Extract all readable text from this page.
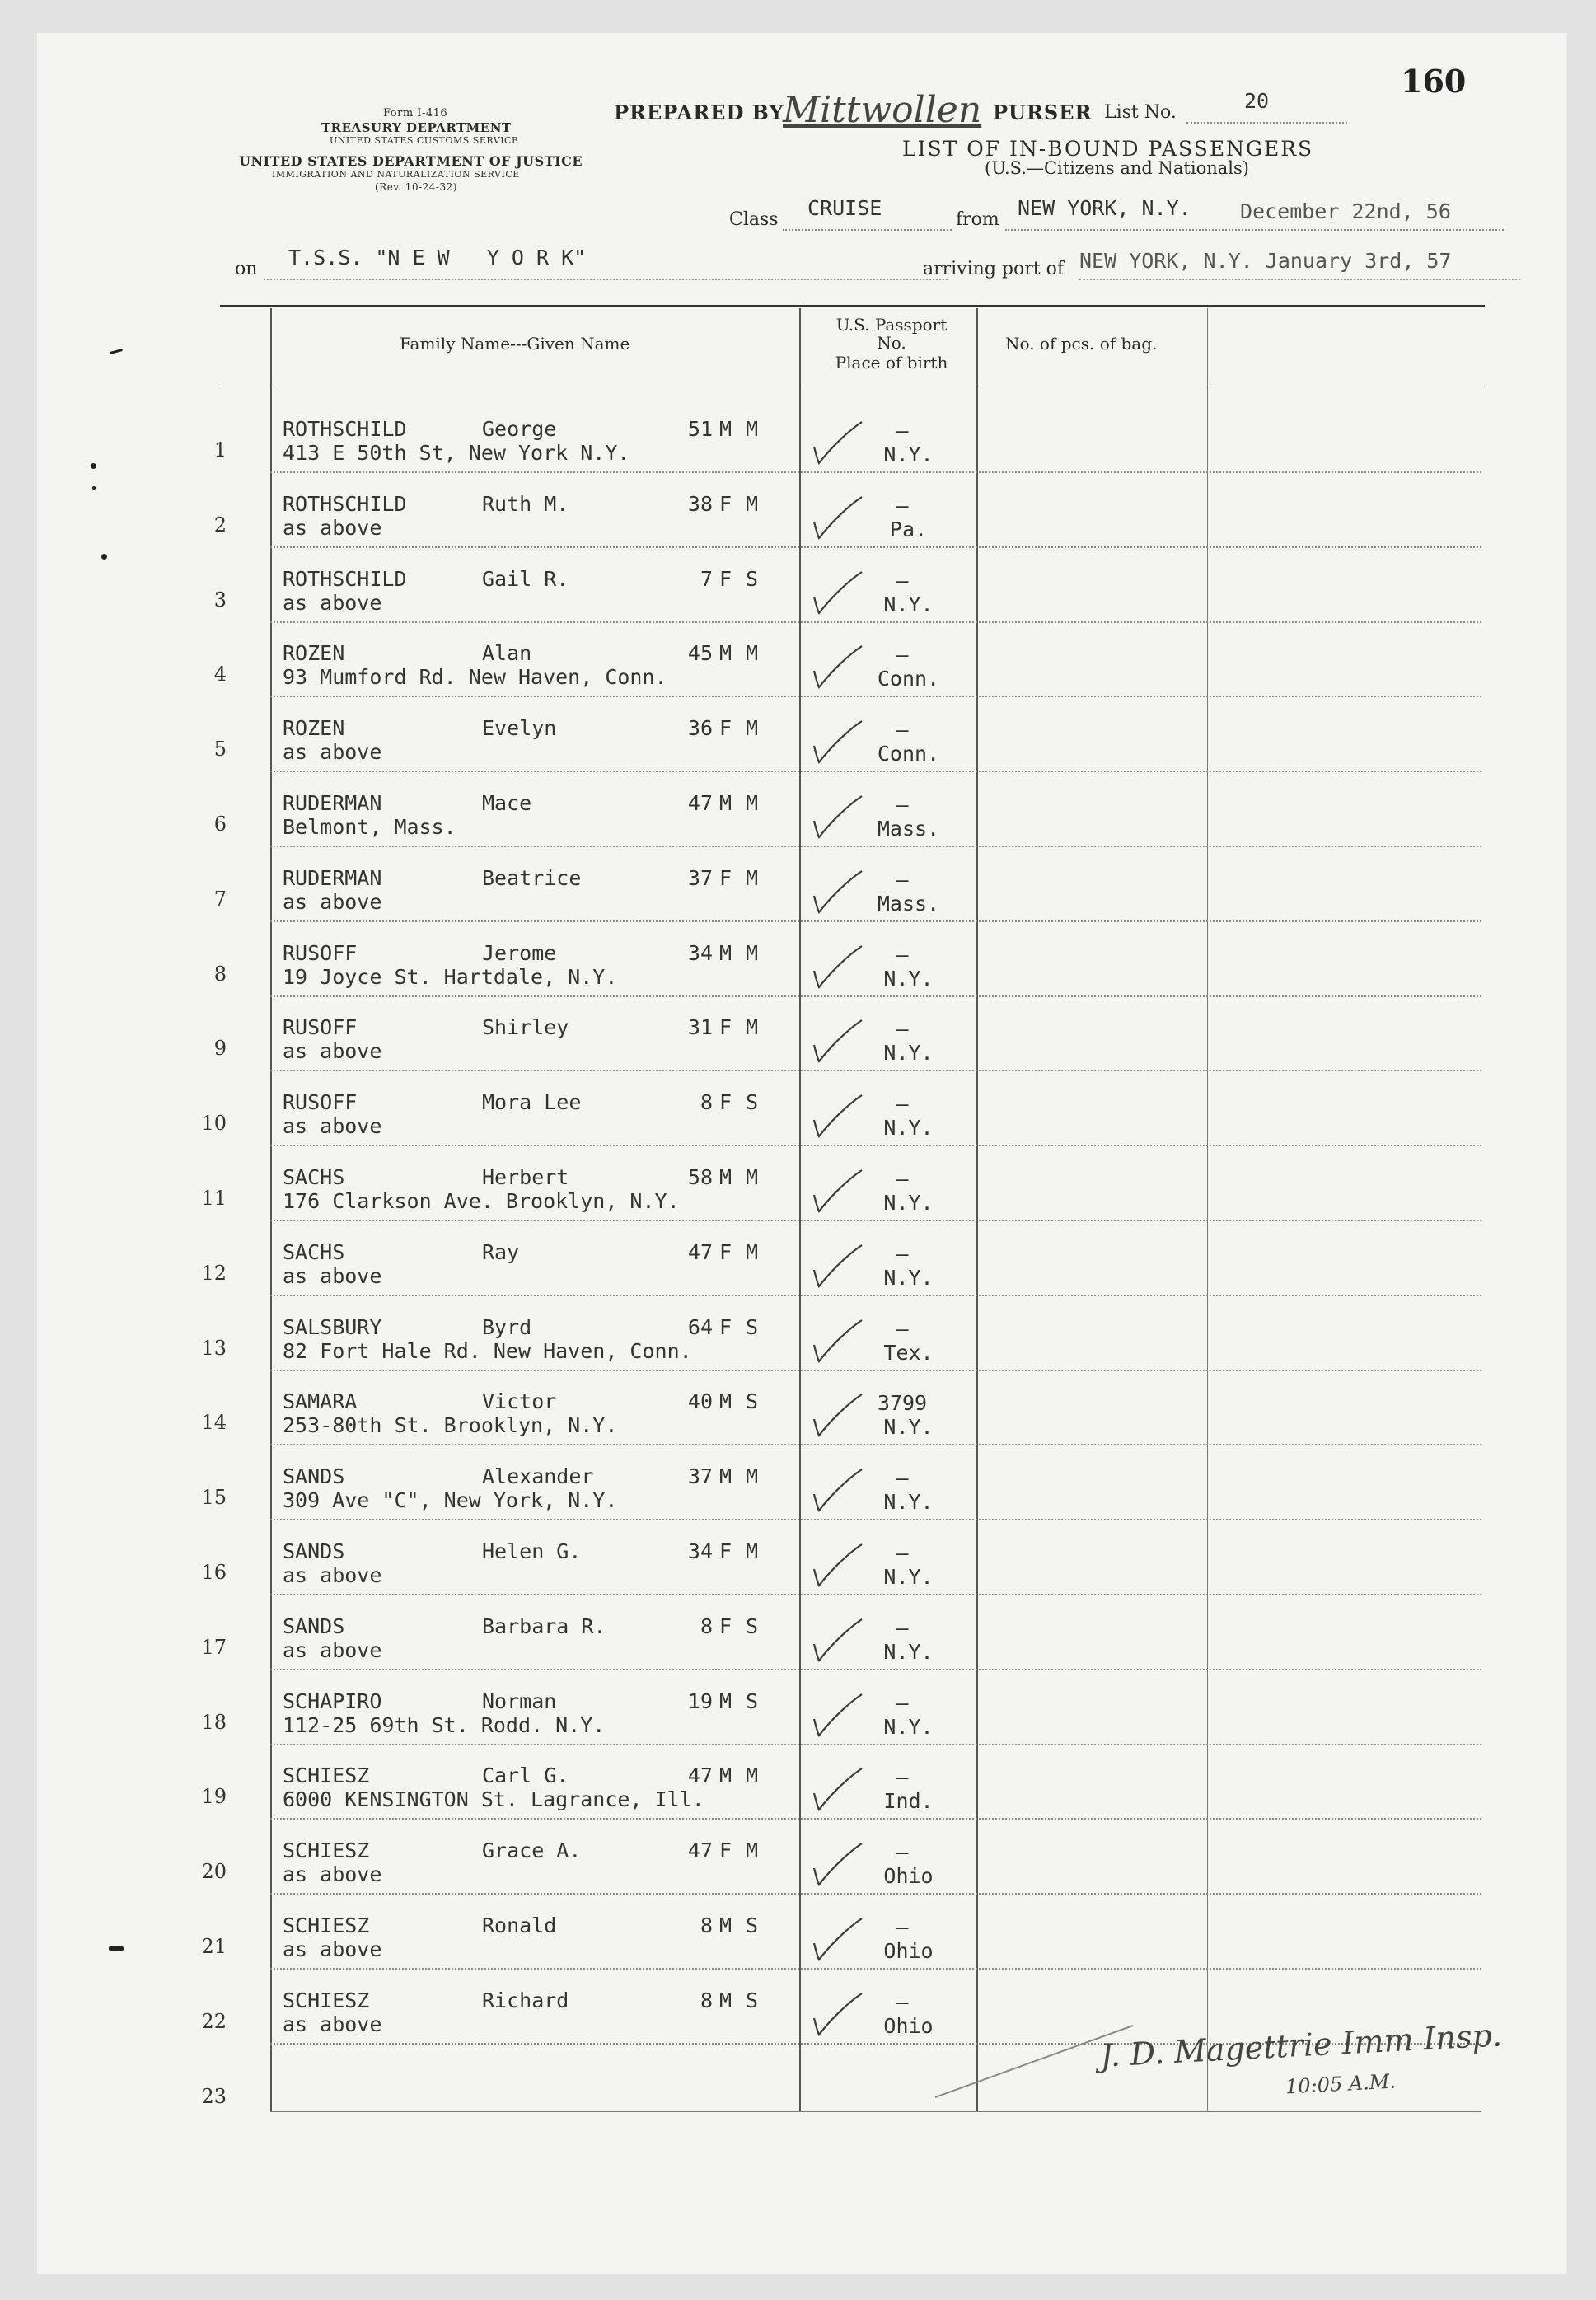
160
Form I-416
TREASURY DEPARTMENT
UNITED STATES CUSTOMS SERVICE
UNITED STATES DEPARTMENT OF JUSTICE
IMMIGRATION AND NATURALIZATION SERVICE
(Rev. 10-24-32)
PREPARED BY
Mittwollen PURSER List No.	20
LIST OF IN-BOUND PASSENGERS
(U.S.—Citizens and Nationals)
Class CRUISE	from NEW YORK, N.Y. December 22nd, 56
on T.S.S. "N E W   Y O R K"	arriving port of NEW YORK, N.Y. January 3rd, 57
Family Name---Given Name
U.S. Passport
No.
Place of birth
No. of pcs. of bag.
1
ROTHSCHILD	George	51 M M
413 E 50th St, New York N.Y.
–
N.Y.
2
ROTHSCHILD	Ruth M.	38 F M
as above
–
Pa.
3
ROTHSCHILD	Gail R.	7 F S
as above
–
N.Y.
4
ROZEN	Alan	45 M M
93 Mumford Rd. New Haven, Conn.
–
Conn.
5
ROZEN	Evelyn	36 F M
as above
–
Conn.
6
RUDERMAN	Mace	47 M M
Belmont, Mass.
–
Mass.
7
RUDERMAN	Beatrice	37 F M
as above
–
Mass.
8
RUSOFF	Jerome	34 M M
19 Joyce St. Hartdale, N.Y.
–
N.Y.
9
RUSOFF	Shirley	31 F M
as above
–
N.Y.
10
RUSOFF	Mora Lee	8 F S
as above
–
N.Y.
11
SACHS	Herbert	58 M M
176 Clarkson Ave. Brooklyn, N.Y.
–
N.Y.
12
SACHS	Ray	47 F M
as above
–
N.Y.
13
SALSBURY	Byrd	64 F S
82 Fort Hale Rd. New Haven, Conn.
–
Tex.
14
SAMARA	Victor	40 M S
253-80th St. Brooklyn, N.Y.
3799
N.Y.
15
SANDS	Alexander	37 M M
309 Ave "C", New York, N.Y.
–
N.Y.
16
SANDS	Helen G.	34 F M
as above
–
N.Y.
17
SANDS	Barbara R.	8 F S
as above
–
N.Y.
18
SCHAPIRO	Norman	19 M S
112-25 69th St. Rodd. N.Y.
–
N.Y.
19
SCHIESZ	Carl G.	47 M M
6000 KENSINGTON St. Lagrance, Ill.
–
Ind.
20
SCHIESZ	Grace A.	47 F M
as above
–
Ohio
21
SCHIESZ	Ronald	8 M S
as above
–
Ohio
22
SCHIESZ	Richard	8 M S
as above
–
Ohio
23
J. D. Magettrie Imm Insp.
10:05 A.M.
